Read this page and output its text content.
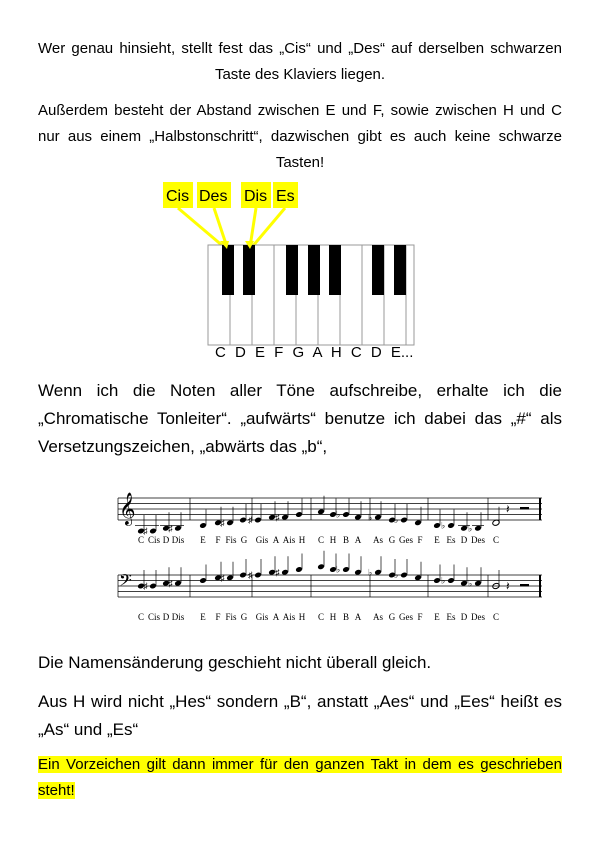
Wer genau hinsieht, stellt fest das „Cis“ und „Des“ auf derselben schwarzen Taste des Klaviers liegen.
Außerdem besteht der Abstand zwischen E und F, sowie zwischen H und C nur aus einem „Halbstonschritt“, dazwischen gibt es auch keine schwarze Tasten!
Cis Des Dis Es
C D E F G A H C D E...
Wenn ich die Noten aller Töne aufschreibe, erhalte ich die „Chromatische Tonleiter“. „aufwärts“ benutze ich dabei das „#“ als Versetzungszeichen, „abwärts das „b“,
𝄞
♯ ♯
♯	♯	♯	♭	♭ ♭
♭	♭
𝄽
C Cis D Dis E F Fis G Gis A Ais H C H B A As G Ges F E Es D Des C
𝄢 ♯ ♯
♯	♯	♯	♭	♭ ♭
♭	♭	𝄽
C Cis D Dis E F Fis G Gis A Ais H C H B A As G Ges F E Es D Des C
Die Namensänderung geschieht nicht überall gleich.
Aus H wird nicht „Hes“ sondern „B“, anstatt „Aes“ und „Ees“ heißt es „As“ und „Es“
Ein Vorzeichen gilt dann immer für den ganzen Takt in dem es geschrieben steht!
